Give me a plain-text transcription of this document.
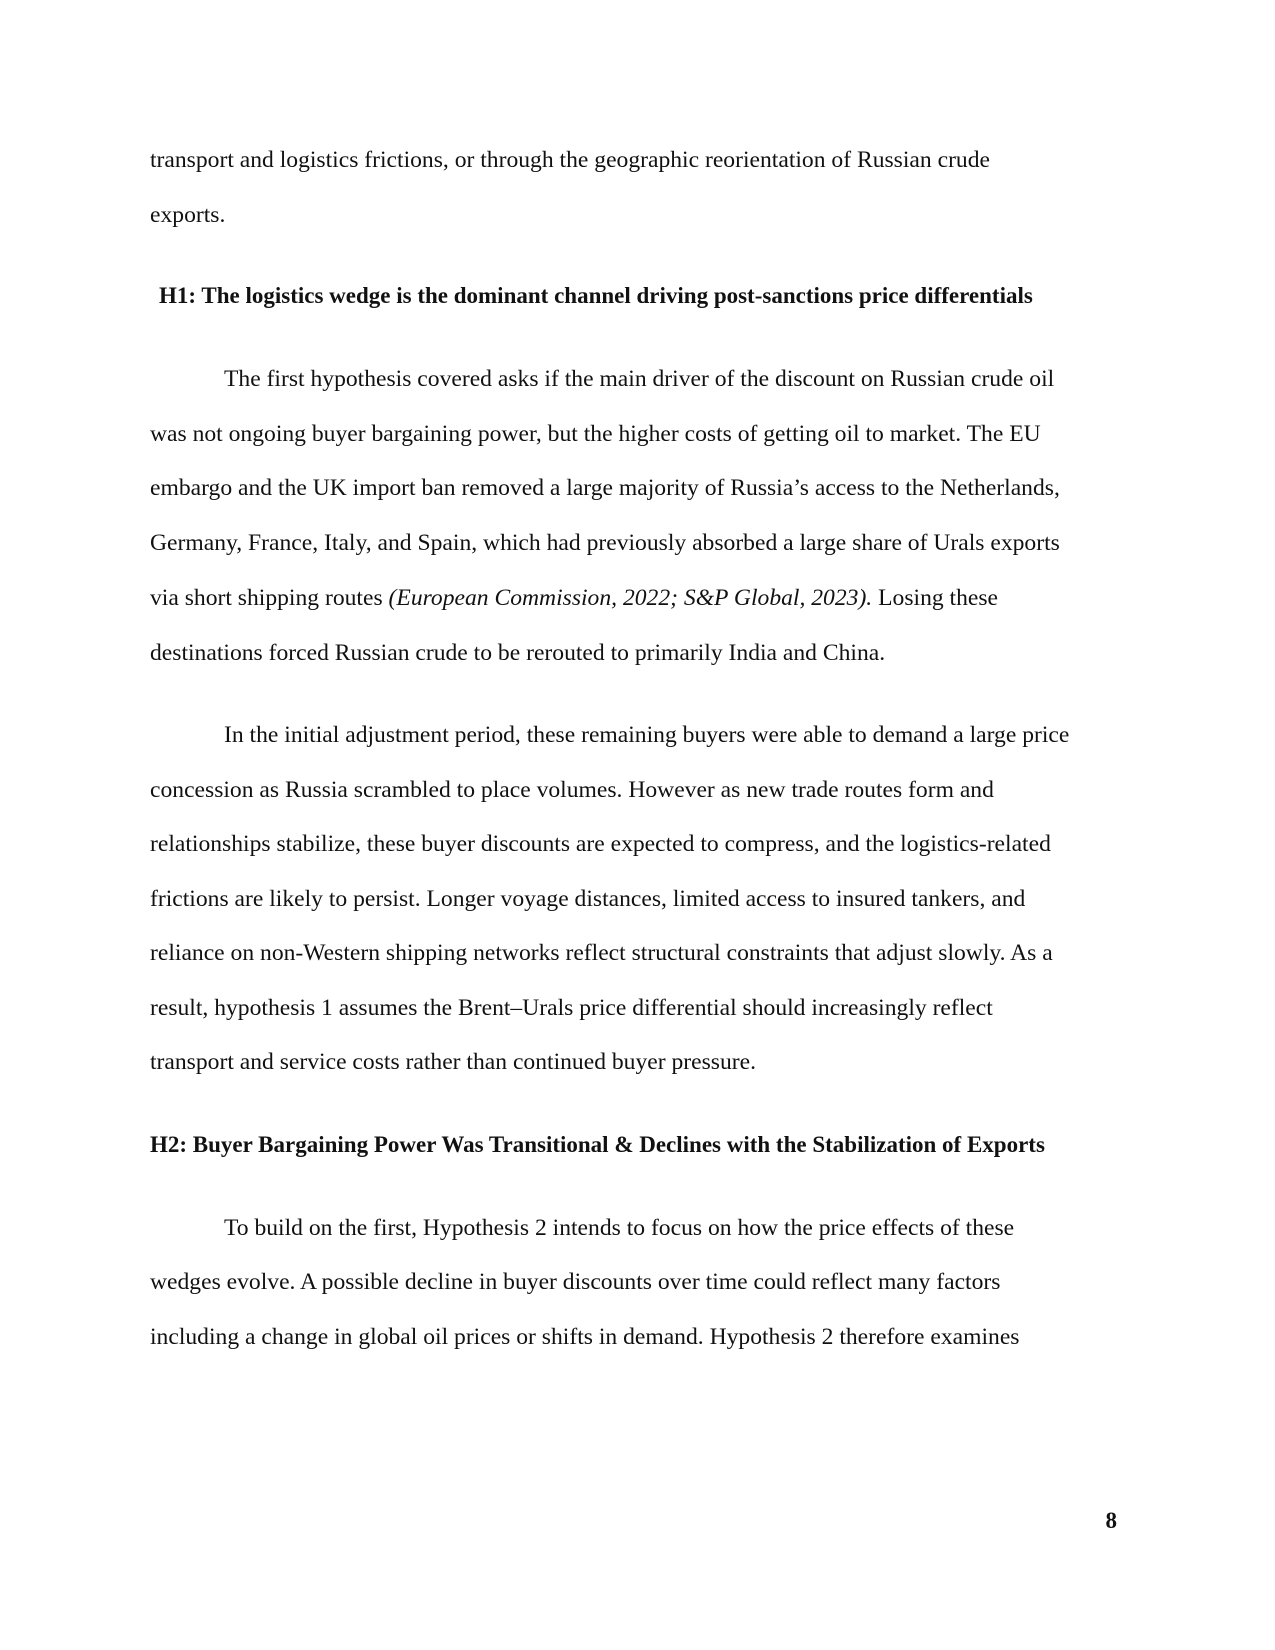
transport and logistics frictions, or through the geographic reorientation of Russian crude
exports.
H1: The logistics wedge is the dominant channel driving post-sanctions price differentials
The first hypothesis covered asks if the main driver of the discount on Russian crude oil
was not ongoing buyer bargaining power, but the higher costs of getting oil to market. The EU
embargo and the UK import ban removed a large majority of Russia’s access to the Netherlands,
Germany, France, Italy, and Spain, which had previously absorbed a large share of Urals exports
via short shipping routes (European Commission, 2022; S&P Global, 2023). Losing these
destinations forced Russian crude to be rerouted to primarily India and China.
In the initial adjustment period, these remaining buyers were able to demand a large price
concession as Russia scrambled to place volumes. However as new trade routes form and
relationships stabilize, these buyer discounts are expected to compress, and the logistics-related
frictions are likely to persist. Longer voyage distances, limited access to insured tankers, and
reliance on non-Western shipping networks reflect structural constraints that adjust slowly. As a
result, hypothesis 1 assumes the Brent–Urals price differential should increasingly reflect
transport and service costs rather than continued buyer pressure.
H2: Buyer Bargaining Power Was Transitional & Declines with the Stabilization of Exports
To build on the first, Hypothesis 2 intends to focus on how the price effects of these
wedges evolve. A possible decline in buyer discounts over time could reflect many factors
including a change in global oil prices or shifts in demand. Hypothesis 2 therefore examines
8
